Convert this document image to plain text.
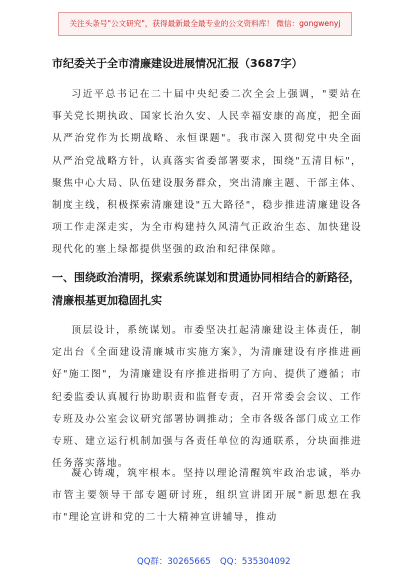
关注头条号"公文研究"，获得最新最全最专业的公文资料库！ 微信：gongwenyj
市纪委关于全市清廉建设进展情况汇报（3687字）

习近平总书记在二十届中央纪委二次全会上强调，"要站在事关党长期执政、国家长治久安、人民幸福安康的高度，把全面从严治党作为长期战略、永恒课题"。我市深入贯彻党中央全面从严治党战略方针，认真落实省委部署要求，围绕"五清目标"，聚焦中心大局、队伍建设服务群众，突出清廉主题、干部主体、制度主线，积极探索清廉建设"五大路径"，稳步推进清廉建设各项工作走深走实，为全市构建持久风清气正政治生态、加快建设现代化的塞上绿都提供坚强的政治和纪律保障。

一、围绕政治清明，探索系统谋划和贯通协同相结合的新路径，清廉根基更加稳固扎实

顶层设计，系统谋划。市委坚决扛起清廉建设主体责任，制定出台《全面建设清廉城市实施方案》，为清廉建设有序推进画好"施工图"，为清廉建设有序推进指明了方向、提供了遵循；市纪委监委认真履行协助职责和监督专责，召开常委会会议、工作专班及办公室会议研究部署协调推动；全市各级各部门成立工作专班、建立运行机制加强与各责任单位的沟通联系，分块面推进任务落实落地。

凝心铸魂，筑牢根本。坚持以理论清醒筑牢政治忠诚，举办市管主要领导干部专题研讨班，组织宣讲团开展"新思想在我市"理论宣讲和党的二十大精神宣讲辅导，推动

QQ群：30265665 QQ：535304092
